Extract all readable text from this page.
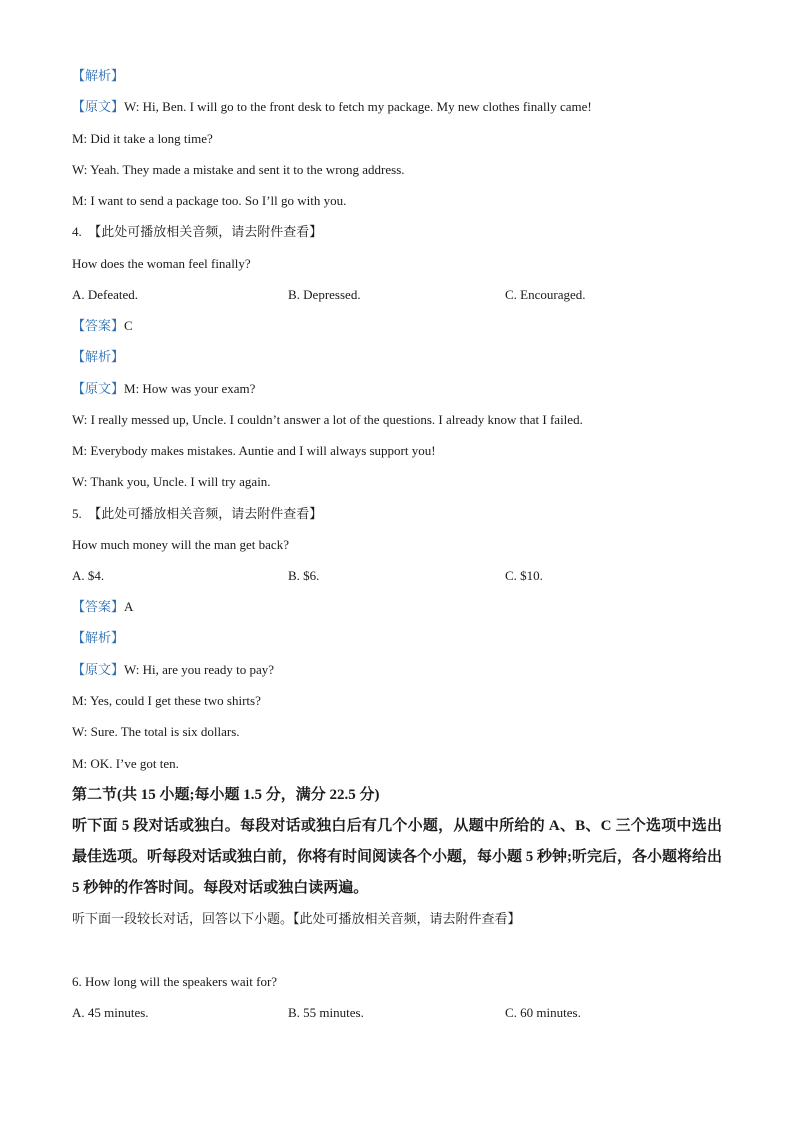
【解析】
【原文】W: Hi, Ben. I will go to the front desk to fetch my package. My new clothes finally came!
M: Did it take a long time?
W: Yeah. They made a mistake and sent it to the wrong address.
M: I want to send a package too. So I’ll go with you.
4. 【此处可播放相关音频，请去附件查看】
How does the woman feel finally?
A. Defeated.	B. Depressed.	C. Encouraged.
【答案】C
【解析】
【原文】M: How was your exam?
W: I really messed up, Uncle. I couldn’t answer a lot of the questions. I already know that I failed.
M: Everybody makes mistakes. Auntie and I will always support you!
W: Thank you, Uncle. I will try again.
5. 【此处可播放相关音频，请去附件查看】
How much money will the man get back?
A. $4.	B. $6.	C. $10.
【答案】A
【解析】
【原文】W: Hi, are you ready to pay?
M: Yes, could I get these two shirts?
W: Sure. The total is six dollars.
M: OK. I’ve got ten.
第二节(共 15 小题;每小题 1.5 分，满分 22.5 分)
听下面 5 段对话或独白。每段对话或独白后有几个小题，从题中所给的 A、B、C 三个选项中选出最佳选项。听每段对话或独白前，你将有时间阅读各个小题，每小题 5 秒钟;听完后，各小题将给出 5 秒钟的作答时间。每段对话或独白读两遍。
听下面一段较长对话，回答以下小题。【此处可播放相关音频，请去附件查看】
6. How long will the speakers wait for?
A. 45 minutes.	B. 55 minutes.	C. 60 minutes.
